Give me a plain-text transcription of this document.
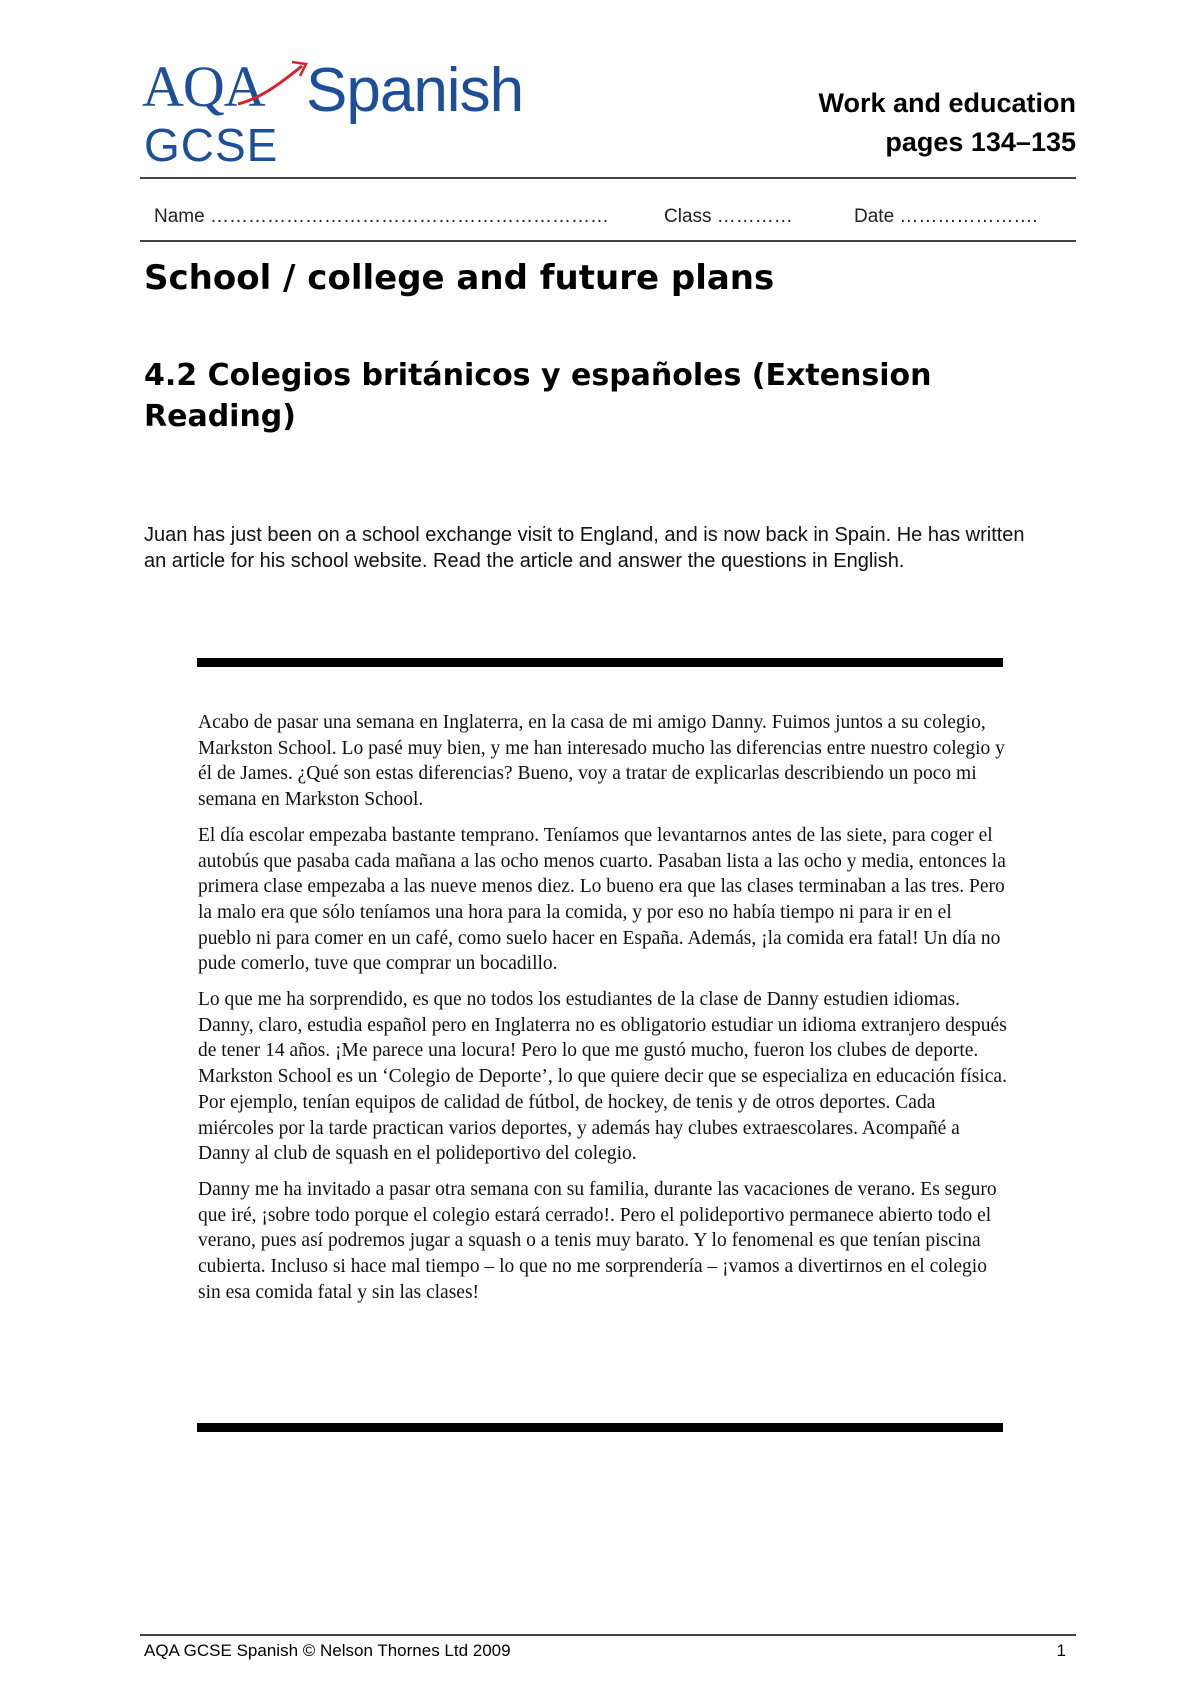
AQA Spanish
GCSE
Work and education
pages 134–135
Name ………………………………………………………	Class …………	Date ………………….
School / college and future plans
4.2 Colegios británicos y españoles (Extension Reading)

Juan has just been on a school exchange visit to England, and is now back in Spain. He has written an article for his school website. Read the article and answer the questions in English.

Acabo de pasar una semana en Inglaterra, en la casa de mi amigo Danny. Fuimos juntos a su colegio, Markston School. Lo pasé muy bien, y me han interesado mucho las diferencias entre nuestro colegio y él de James. ¿Qué son estas diferencias? Bueno, voy a tratar de explicarlas describiendo un poco mi semana en Markston School.

El día escolar empezaba bastante temprano. Teníamos que levantarnos antes de las siete, para coger el autobús que pasaba cada mañana a las ocho menos cuarto. Pasaban lista a las ocho y media, entonces la primera clase empezaba a las nueve menos diez. Lo bueno era que las clases terminaban a las tres. Pero la malo era que sólo teníamos una hora para la comida, y por eso no había tiempo ni para ir en el pueblo ni para comer en un café, como suelo hacer en España. Además, ¡la comida era fatal! Un día no pude comerlo, tuve que comprar un bocadillo.

Lo que me ha sorprendido, es que no todos los estudiantes de la clase de Danny estudien idiomas. Danny, claro, estudia español pero en Inglaterra no es obligatorio estudiar un idioma extranjero después de tener 14 años. ¡Me parece una locura! Pero lo que me gustó mucho, fueron los clubes de deporte. Markston School es un ‘Colegio de Deporte’, lo que quiere decir que se especializa en educación física. Por ejemplo, tenían equipos de calidad de fútbol, de hockey, de tenis y de otros deportes. Cada miércoles por la tarde practican varios deportes, y además hay clubes extraescolares. Acompañé a Danny al club de squash en el polideportivo del colegio.

Danny me ha invitado a pasar otra semana con su familia, durante las vacaciones de verano. Es seguro que iré, ¡sobre todo porque el colegio estará cerrado!. Pero el polideportivo permanece abierto todo el verano, pues así podremos jugar a squash o a tenis muy barato. Y lo fenomenal es que tenían piscina cubierta. Incluso si hace mal tiempo – lo que no me sorprendería – ¡vamos a divertirnos en el colegio sin esa comida fatal y sin las clases!

AQA GCSE Spanish © Nelson Thornes Ltd 2009	1
